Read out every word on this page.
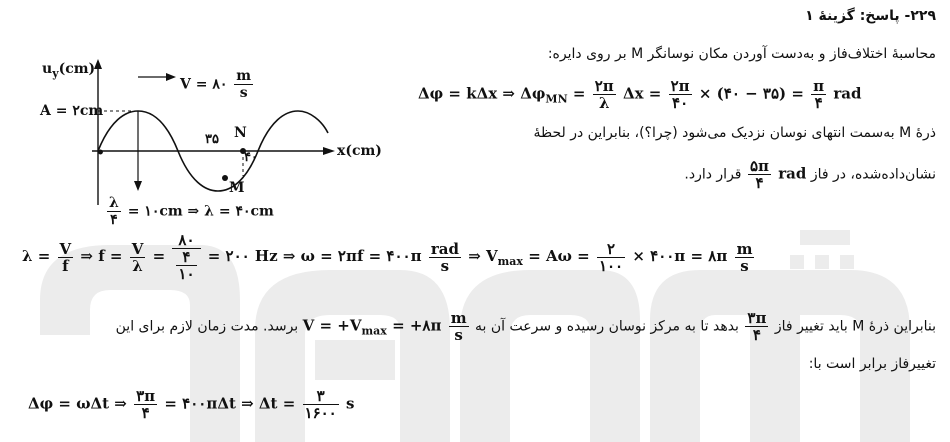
۲۲۹- پاسخ: گزینهٔ ۱
محاسبهٔ اختلاف‌فاز و به‌دست آوردن مکان نوسانگر M بر روی دایره:
$u_y(cm)$
V = ۸۰ $\frac{m}{s}$
A = ۲cm
N
۳۵
۴۰
M
x(cm)
•
$\frac{\lambda}{۴}$ = ۱۰cm ⇒ λ = ۴۰cm
Δφ = kΔx ⇒ $\Delta\varphi_{MN} = \frac{۲\pi}{\lambda}$ $\Delta x = \frac{۲\pi}{۴۰}$ × (۴۰ − ۳۵) = $\frac{\pi}{۴}$ rad
ذرهٔ M به‌سمت انتهای نوسان نزدیک می‌شود (چرا؟)، بنابراین در لحظهٔ
نشان‌داده‌شده، در فاز
$\frac{۵\pi}{۴}$ rad قرار دارد.
$\lambda = \frac{V}{f}$ ⇒ $f = \frac{V}{\lambda} = \frac{۸۰}{\frac{۴}{۱۰}}$ = ۲۰۰ Hz ⇒ ω = ۲πf = ۴۰۰π $\frac{\text{rad}}{s}$ ⇒ $V_{max} = A\omega = \frac{۲}{۱۰۰}$ × ۴۰۰π = ۸π $\frac{m}{s}$
بنابراین ذرهٔ M باید تغییر فاز
$\frac{۳\pi}{۴}$
بدهد تا به مرکز نوسان رسیده و سرعت آن به $V = +V_{max}$ = +۸π $\frac{m}{s}$
برسد. مدت زمان لازم برای این
تغییرفاز برابر است با:
Δφ = ωΔt ⇒ $\frac{۳\pi}{۴}$ = ۴۰۰πΔt ⇒ $\Delta t = \frac{۳}{۱۶۰۰}$ s
